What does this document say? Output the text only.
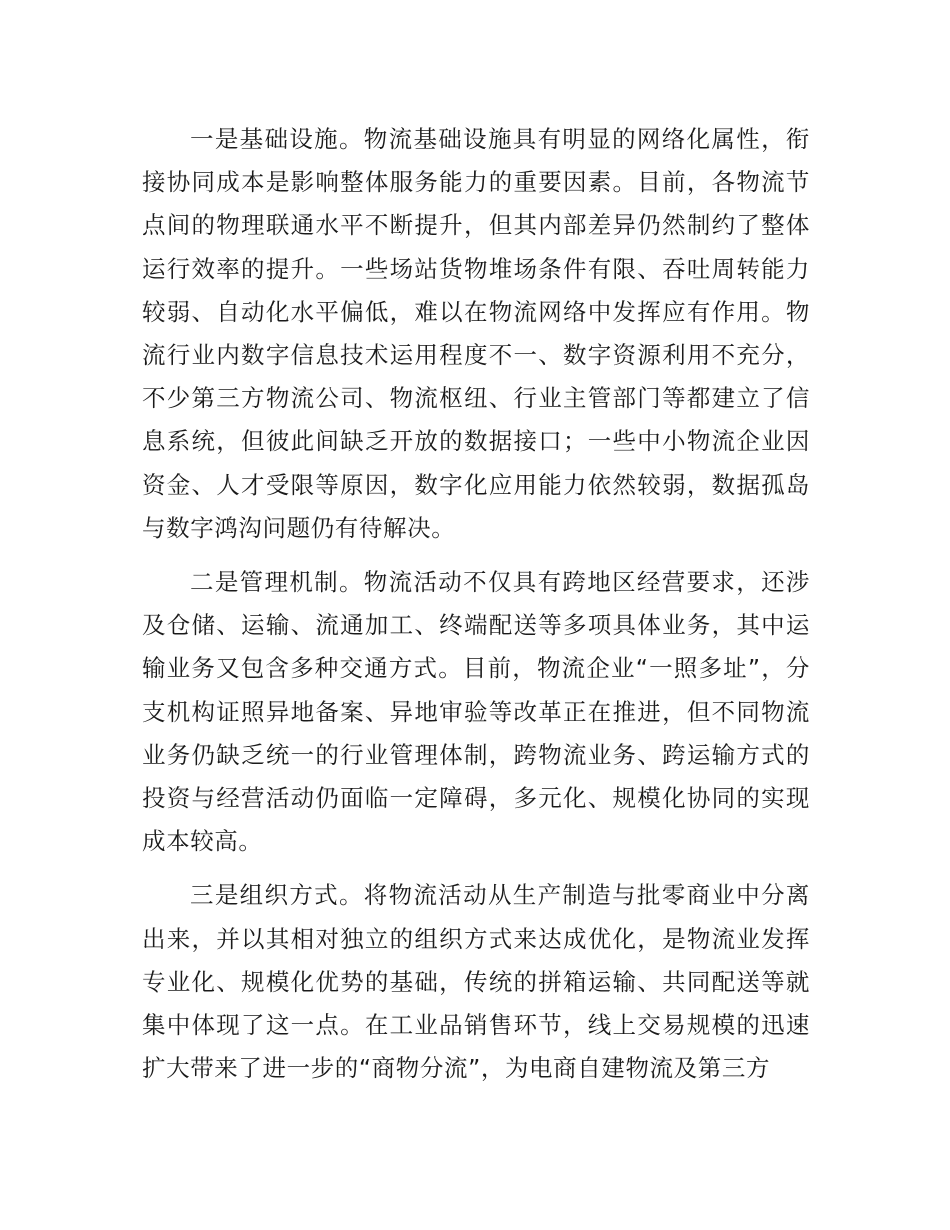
一是基础设施。物流基础设施具有明显的网络化属性，衔接协同成本是影响整体服务能力的重要因素。目前，各物流节点间的物理联通水平不断提升，但其内部差异仍然制约了整体运行效率的提升。一些场站货物堆场条件有限、吞吐周转能力较弱、自动化水平偏低，难以在物流网络中发挥应有作用。物流行业内数字信息技术运用程度不一、数字资源利用不充分，不少第三方物流公司、物流枢纽、行业主管部门等都建立了信息系统，但彼此间缺乏开放的数据接口；一些中小物流企业因资金、人才受限等原因，数字化应用能力依然较弱，数据孤岛与数字鸿沟问题仍有待解决。

二是管理机制。物流活动不仅具有跨地区经营要求，还涉及仓储、运输、流通加工、终端配送等多项具体业务，其中运输业务又包含多种交通方式。目前，物流企业“一照多址”，分支机构证照异地备案、异地审验等改革正在推进，但不同物流业务仍缺乏统一的行业管理体制，跨物流业务、跨运输方式的投资与经营活动仍面临一定障碍，多元化、规模化协同的实现成本较高。

三是组织方式。将物流活动从生产制造与批零商业中分离出来，并以其相对独立的组织方式来达成优化，是物流业发挥专业化、规模化优势的基础，传统的拼箱运输、共同配送等就集中体现了这一点。在工业品销售环节，线上交易规模的迅速扩大带来了进一步的“商物分流”，为电商自建物流及第三方
